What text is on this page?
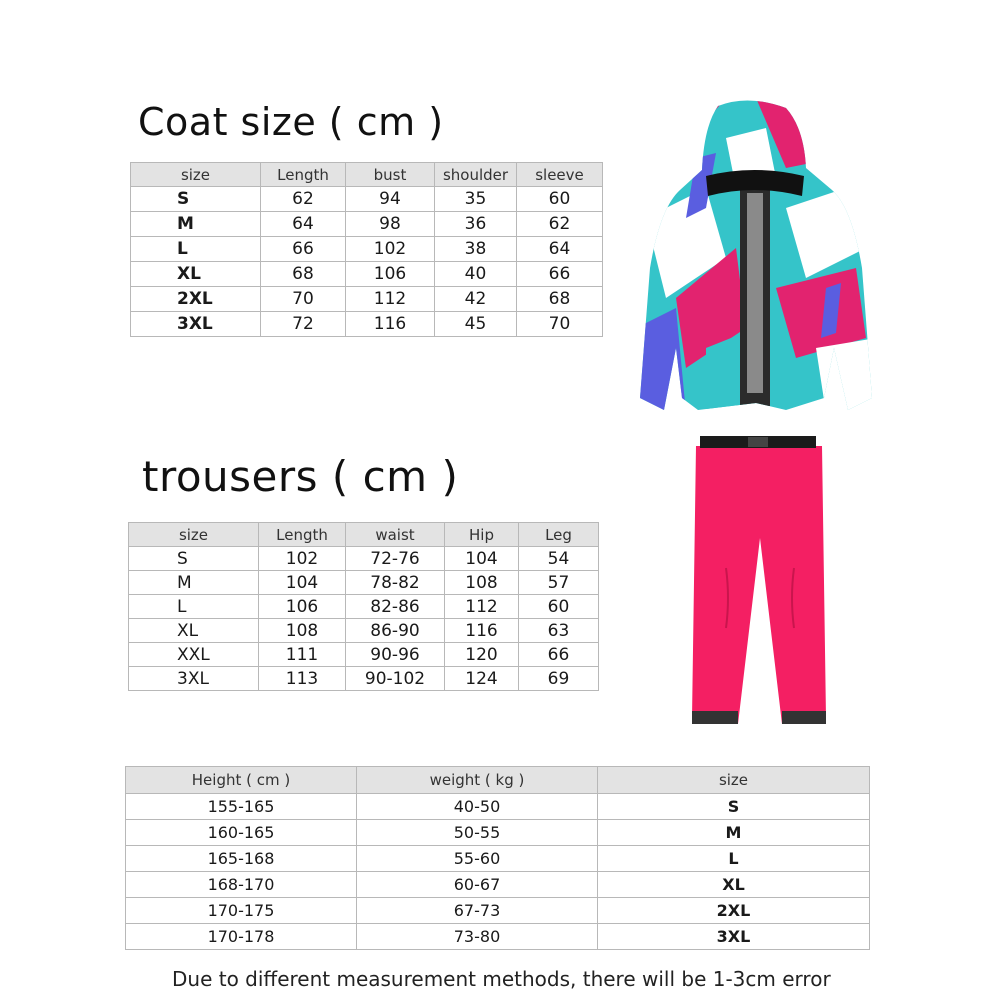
Coat size ( cm )
size	Length	bust	shoulder	sleeve
S	62	94	35	60
M	64	98	36	62
L	66	102	38	64
XL	68	106	40	66
2XL	70	112	42	68
3XL	72	116	45	70
trousers ( cm )
size	Length	waist	Hip	Leg
S	102	72-76	104	54
M	104	78-82	108	57
L	106	82-86	112	60
XL	108	86-90	116	63
XXL	111	90-96	120	66
3XL	113	90-102	124	69
Height ( cm )	weight ( kg )	size
155-165	40-50	S
160-165	50-55	M
165-168	55-60	L
168-170	60-67	XL
170-175	67-73	2XL
170-178	73-80	3XL
Due to different measurement methods, there will be 1-3cm error
